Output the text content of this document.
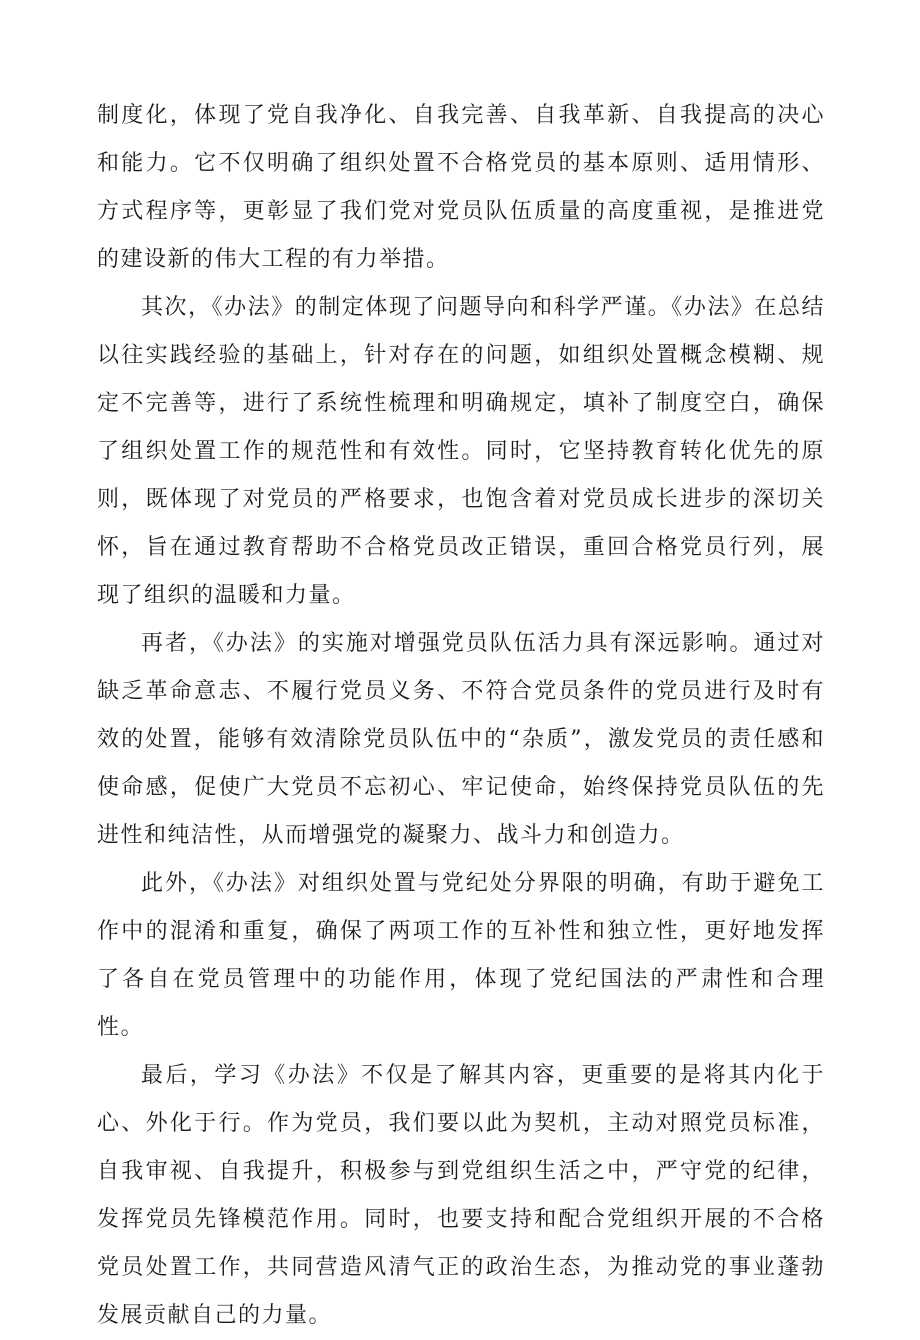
制度化，体现了党自我净化、自我完善、自我革新、自我提高的决心和能力。它不仅明确了组织处置不合格党员的基本原则、适用情形、方式程序等，更彰显了我们党对党员队伍质量的高度重视，是推进党的建设新的伟大工程的有力举措。

其次，《办法》的制定体现了问题导向和科学严谨。《办法》在总结以往实践经验的基础上，针对存在的问题，如组织处置概念模糊、规定不完善等，进行了系统性梳理和明确规定，填补了制度空白，确保了组织处置工作的规范性和有效性。同时，它坚持教育转化优先的原则，既体现了对党员的严格要求，也饱含着对党员成长进步的深切关怀，旨在通过教育帮助不合格党员改正错误，重回合格党员行列，展现了组织的温暖和力量。

再者，《办法》的实施对增强党员队伍活力具有深远影响。通过对缺乏革命意志、不履行党员义务、不符合党员条件的党员进行及时有效的处置，能够有效清除党员队伍中的“杂质”，激发党员的责任感和使命感，促使广大党员不忘初心、牢记使命，始终保持党员队伍的先进性和纯洁性，从而增强党的凝聚力、战斗力和创造力。

此外，《办法》对组织处置与党纪处分界限的明确，有助于避免工作中的混淆和重复，确保了两项工作的互补性和独立性，更好地发挥了各自在党员管理中的功能作用，体现了党纪国法的严肃性和合理性。

最后，学习《办法》不仅是了解其内容，更重要的是将其内化于心、外化于行。作为党员，我们要以此为契机，主动对照党员标准，自我审视、自我提升，积极参与到党组织生活之中，严守党的纪律，发挥党员先锋模范作用。同时，也要支持和配合党组织开展的不合格党员处置工作，共同营造风清气正的政治生态，为推动党的事业蓬勃发展贡献自己的力量。
